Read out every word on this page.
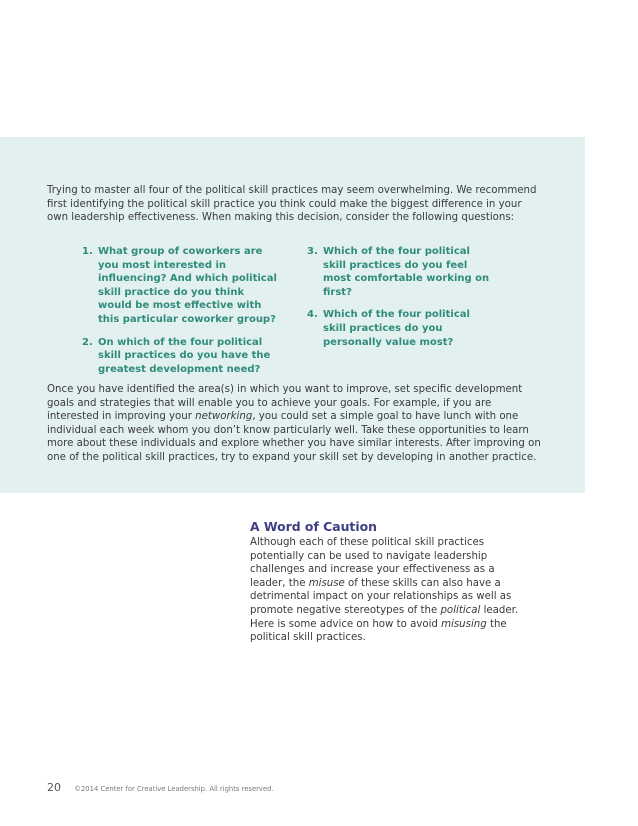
Trying to master all four of the political skill practices may seem overwhelming. We recommend first identifying the political skill practice you think could make the biggest difference in your own leadership effectiveness. When making this decision, consider the following questions:

1. What group of coworkers are you most interested in influencing? And which political skill practice do you think would be most effective with this particular coworker group?
2. On which of the four political skill practices do you have the greatest development need?
3. Which of the four political skill practices do you feel most comfortable working on first?
4. Which of the four political skill practices do you personally value most?

Once you have identified the area(s) in which you want to improve, set specific development goals and strategies that will enable you to achieve your goals. For example, if you are interested in improving your networking, you could set a simple goal to have lunch with one individual each week whom you don’t know particularly well. Take these opportunities to learn more about these individuals and explore whether you have similar interests. After improving on one of the political skill practices, try to expand your skill set by developing in another practice.

A Word of Caution

Although each of these political skill practices potentially can be used to navigate leadership challenges and increase your effectiveness as a leader, the misuse of these skills can also have a detrimental impact on your relationships as well as promote negative stereotypes of the political leader. Here is some advice on how to avoid misusing the political skill practices.

20 ©2014 Center for Creative Leadership. All rights reserved.
